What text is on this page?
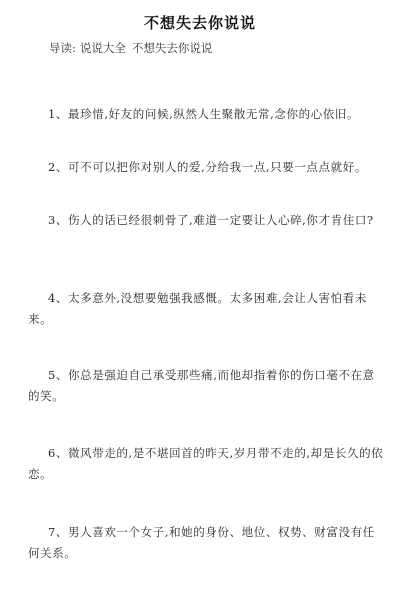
不想失去你说说
导读: 说说大全 不想失去你说说

1、最珍惜,好友的问候,纵然人生聚散无常,念你的心依旧。

2、可不可以把你对别人的爱,分给我一点,只要一点点就好。

3、伤人的话已经很刺骨了,难道一定要让人心碎,你才肯住口?

4、太多意外,没想要勉强我感慨。太多困难,会让人害怕看未来。

5、你总是强迫自己承受那些痛,而他却指着你的伤口毫不在意的笑。

6、微风带走的,是不堪回首的昨天,岁月带不走的,却是长久的依恋。

7、男人喜欢一个女子,和她的身份、地位、权势、财富没有任何关系。
